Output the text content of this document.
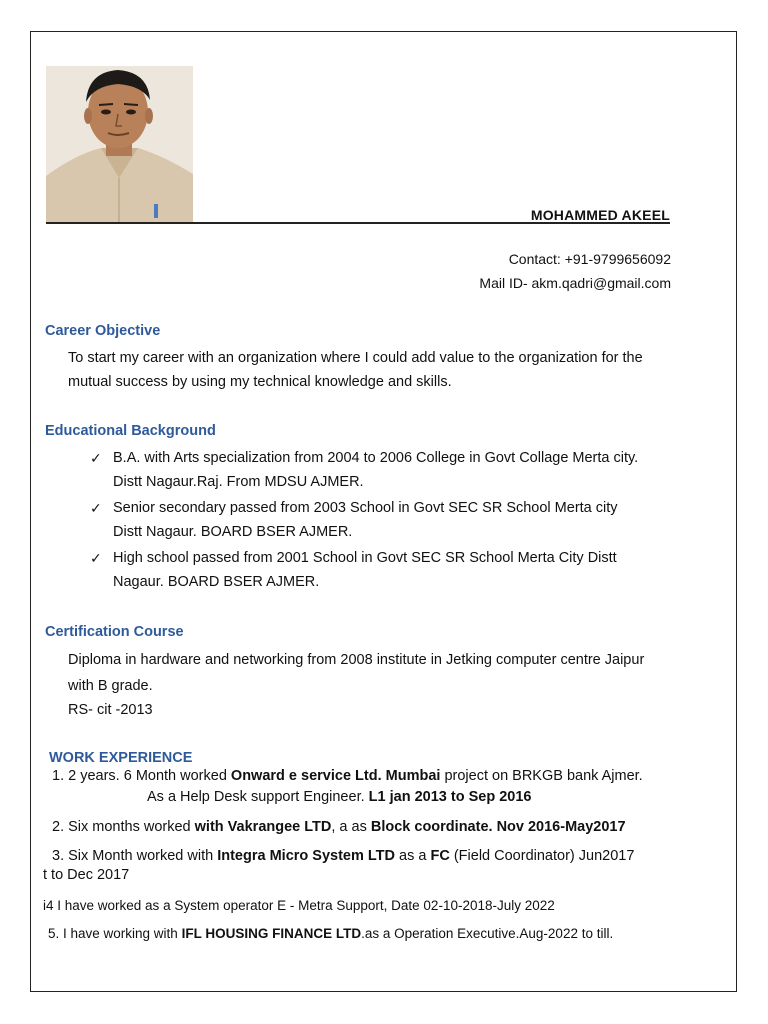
MOHAMMED AKEEL
Contact: +91-9799656092
Mail ID- akm.qadri@gmail.com
Career Objective
To start my career with an organization where I could add value to the organization for the
mutual success by using my technical knowledge and skills.
Educational Background
✓ B.A. with Arts specialization from 2004 to 2006 College in Govt Collage Merta city.
Distt Nagaur.Raj. From MDSU AJMER.
✓ Senior secondary passed from 2003 School in Govt SEC SR School Merta city
Distt Nagaur. BOARD BSER AJMER.
✓ High school passed from 2001 School in Govt SEC SR School Merta City Distt
Nagaur. BOARD BSER AJMER.
Certification Course
Diploma in hardware and networking from 2008 institute in Jetking computer centre Jaipur
with B grade.
RS- cit -2013
WORK EXPERIENCE
1. 2 years. 6 Month worked Onward e service Ltd. Mumbai project on BRKGB bank Ajmer.
As a Help Desk support Engineer. L1 jan 2013 to Sep 2016
2. Six months worked with Vakrangee LTD, a as Block coordinate. Nov 2016-May2017
3. Six Month worked with Integra Micro System LTD as a FC (Field Coordinator) Jun2017
t to Dec 2017
i4 I have worked as a System operator E - Metra Support, Date 02-10-2018-July 2022
5. I have working with IFL HOUSING FINANCE LTD.as a Operation Executive.Aug-2022 to till.
